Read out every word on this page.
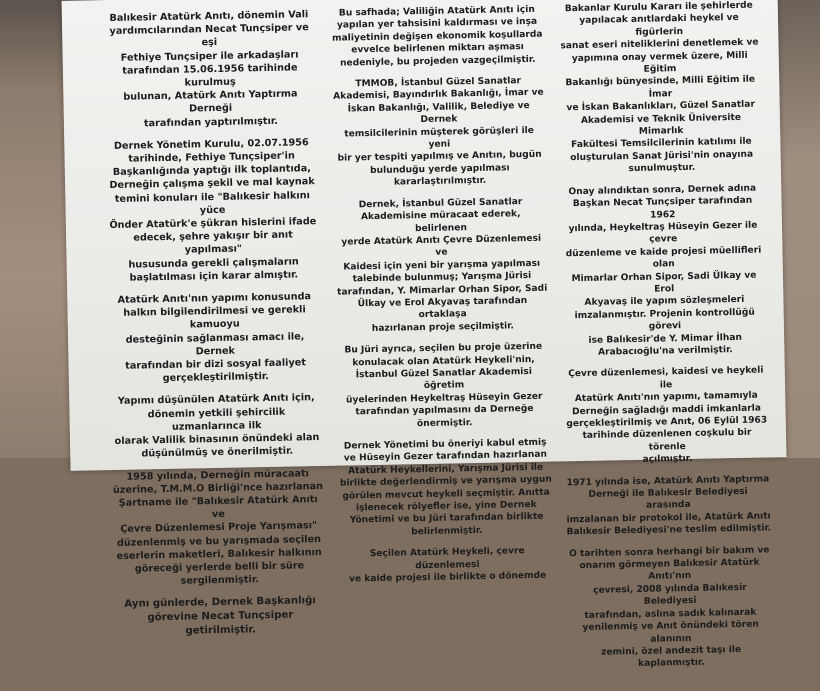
Balıkesir Atatürk Anıtı, dönemin Vali
yardımcılarından Necat Tunçsiper ve eşi
Fethiye Tunçsiper ile arkadaşları
tarafından 15.06.1956 tarihinde kurulmuş
bulunan, Atatürk Anıtı Yaptırma Derneği
tarafından yaptırılmıştır.

Dernek Yönetim Kurulu, 02.07.1956
tarihinde, Fethiye Tunçsiper'in
Başkanlığında yaptığı ilk toplantıda,
Derneğin çalışma şekil ve mal kaynak
temini konuları ile "Balıkesir halkını yüce
Önder Atatürk'e şükran hislerini ifade
edecek, şehre yakışır bir anıt yapılması"
hususunda gerekli çalışmaların
başlatılması için karar almıştır.

Atatürk Anıtı'nın yapımı konusunda
halkın bilgilendirilmesi ve gerekli kamuoyu
desteğinin sağlanması amacı ile, Dernek
tarafından bir dizi sosyal faaliyet
gerçekleştirilmiştir.

Yapımı düşünülen Atatürk Anıtı için,
dönemin yetkili şehircilik uzmanlarınca ilk
olarak Valilik binasının önündeki alan
düşünülmüş ve önerilmiştir.

1958 yılında, Derneğin müracaatı
üzerine, T.M.M.O Birliği'nce hazırlanan
Şartname ile "Balıkesir Atatürk Anıtı ve
Çevre Düzenlemesi Proje Yarışması"
düzenlenmiş ve bu yarışmada seçilen
eserlerin maketleri, Balıkesir halkının
göreceği yerlerde belli bir süre
sergilenmiştir.

Aynı günlerde, Dernek Başkanlığı
görevine Necat Tunçsiper getirilmiştir.

Bu safhada; Valiliğin Atatürk Anıtı için
yapılan yer tahsisini kaldırması ve inşa
maliyetinin değişen ekonomik koşullarda
evvelce belirlenen miktarı aşması
nedeniyle, bu projeden vazgeçilmiştir.

TMMOB, İstanbul Güzel Sanatlar
Akademisi, Bayındırlık Bakanlığı, İmar ve
İskan Bakanlığı, Valilik, Belediye ve Dernek
temsilcilerinin müşterek görüşleri ile yeni
bir yer tespiti yapılmış ve Anıtın, bugün
bulunduğu yerde yapılması
kararlaştırılmıştır.

Dernek, İstanbul Güzel Sanatlar
Akademisine müracaat ederek, belirlenen
yerde Atatürk Anıtı Çevre Düzenlemesi ve
Kaidesi için yeni bir yarışma yapılması
talebinde bulunmuş; Yarışma Jürisi
tarafından, Y. Mimarlar Orhan Sipor, Sadi
Ülkay ve Erol Akyavaş tarafından ortaklaşa
hazırlanan proje seçilmiştir.

Bu Jüri ayrıca, seçilen bu proje üzerine
konulacak olan Atatürk Heykeli'nin,
İstanbul Güzel Sanatlar Akademisi öğretim
üyelerinden Heykeltraş Hüseyin Gezer
tarafından yapılmasını da Derneğe
önermiştir.

Dernek Yönetimi bu öneriyi kabul etmiş
ve Hüseyin Gezer tarafından hazırlanan
Atatürk Heykellerini, Yarışma Jürisi ile
birlikte değerlendirmiş ve yarışma uygun
görülen mevcut heykeli seçmiştir. Anıtta
işlenecek rölyefler ise, yine Dernek
Yönetimi ve bu Jüri tarafından birlikte
belirlenmiştir.

Seçilen Atatürk Heykeli, çevre düzenlemesi
ve kaide projesi ile birlikte o dönemde

Bakanlar Kurulu Kararı ile şehirlerde
yapılacak anıtlardaki heykel ve figürlerin
sanat eseri niteliklerini denetlemek ve
yapımına onay vermek üzere, Milli Eğitim
Bakanlığı bünyesinde, Milli Eğitim ile İmar
ve İskan Bakanlıkları, Güzel Sanatlar
Akademisi ve Teknik Üniversite Mimarlık
Fakültesi Temsilcilerinin katılımı ile
oluşturulan Sanat Jürisi'nin onayına
sunulmuştur.

Onay alındıktan sonra, Dernek adına
Başkan Necat Tunçsiper tarafından 1962
yılında, Heykeltraş Hüseyin Gezer ile çevre
düzenleme ve kaide projesi müellifleri olan
Mimarlar Orhan Sipor, Sadi Ülkay ve Erol
Akyavaş ile yapım sözleşmeleri
imzalanmıştır. Projenin kontrollüğü görevi
ise Balıkesir'de Y. Mimar İlhan
Arabacıoğlu'na verilmiştir.

Çevre düzenlemesi, kaidesi ve heykeli ile
Atatürk Anıtı'nın yapımı, tamamıyla
Derneğin sağladığı maddi imkanlarla
gerçekleştirilmiş ve Anıt, 06 Eylül 1963
tarihinde düzenlenen coşkulu bir törenle
açılmıştır.

1971 yılında ise, Atatürk Anıtı Yaptırma
Derneği ile Balıkesir Belediyesi arasında
imzalanan bir protokol ile, Atatürk Anıtı
Balıkesir Belediyesi'ne teslim edilmiştir.

O tarihten sonra herhangi bir bakım ve
onarım görmeyen Balıkesir Atatürk Anıtı'nın
çevresi, 2008 yılında Balıkesir Belediyesi
tarafından, aslına sadık kalınarak
yenilenmiş ve Anıt önündeki tören alanının
zemini, özel andezit taşı ile kaplanmıştır.
